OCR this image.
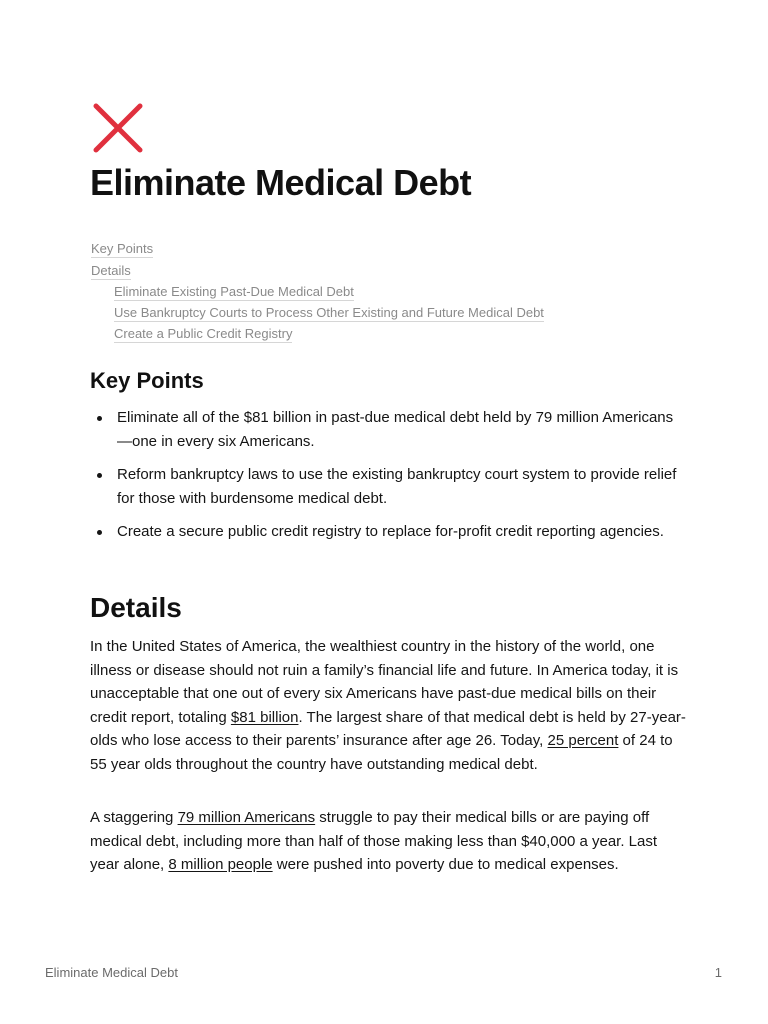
Eliminate Medical Debt
Key Points
Details
Eliminate Existing Past-Due Medical Debt
Use Bankruptcy Courts to Process Other Existing and Future Medical Debt
Create a Public Credit Registry
Key Points
Eliminate all of the $81 billion in past-due medical debt held by 79 million Americans —one in every six Americans.
Reform bankruptcy laws to use the existing bankruptcy court system to provide relief for those with burdensome medical debt.
Create a secure public credit registry to replace for-profit credit reporting agencies.
Details

In the United States of America, the wealthiest country in the history of the world, one illness or disease should not ruin a family’s financial life and future. In America today, it is unacceptable that one out of every six Americans have past-due medical bills on their credit report, totaling $81 billion. The largest share of that medical debt is held by 27-year-olds who lose access to their parents’ insurance after age 26. Today, 25 percent of 24 to 55 year olds throughout the country have outstanding medical debt.

A staggering 79 million Americans struggle to pay their medical bills or are paying off medical debt, including more than half of those making less than $40,000 a year. Last year alone, 8 million people were pushed into poverty due to medical expenses.

Eliminate Medical Debt	1
